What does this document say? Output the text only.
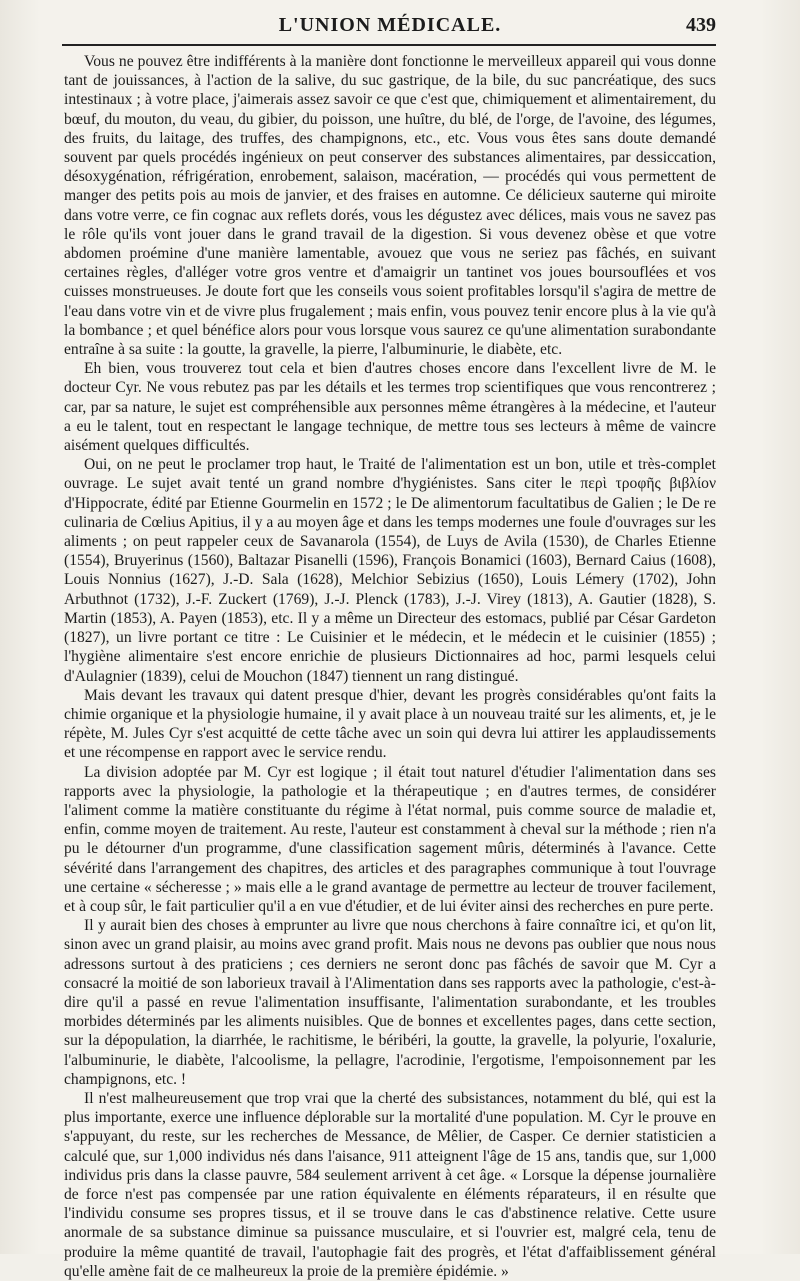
L'UNION MÉDICALE.	439

Vous ne pouvez être indifférents à la manière dont fonctionne le merveilleux appareil qui vous donne tant de jouissances, à l'action de la salive, du suc gastrique, de la bile, du suc pancréatique, des sucs intestinaux ; à votre place, j'aimerais assez savoir ce que c'est que, chimiquement et alimentairement, du bœuf, du mouton, du veau, du gibier, du poisson, une huître, du blé, de l'orge, de l'avoine, des légumes, des fruits, du laitage, des truffes, des champignons, etc., etc. Vous vous êtes sans doute demandé souvent par quels procédés ingénieux on peut conserver des substances alimentaires, par dessiccation, désoxygénation, réfrigération, enrobement, salaison, macération, — procédés qui vous permettent de manger des petits pois au mois de janvier, et des fraises en automne. Ce délicieux sauterne qui miroite dans votre verre, ce fin cognac aux reflets dorés, vous les dégustez avec délices, mais vous ne savez pas le rôle qu'ils vont jouer dans le grand travail de la digestion. Si vous devenez obèse et que votre abdomen proémine d'une manière lamentable, avouez que vous ne seriez pas fâchés, en suivant certaines règles, d'alléger votre gros ventre et d'amaigrir un tantinet vos joues boursouflées et vos cuisses monstrueuses. Je doute fort que les conseils vous soient profitables lorsqu'il s'agira de mettre de l'eau dans votre vin et de vivre plus frugalement ; mais enfin, vous pouvez tenir encore plus à la vie qu'à la bombance ; et quel bénéfice alors pour vous lorsque vous saurez ce qu'une alimentation surabondante entraîne à sa suite : la goutte, la gravelle, la pierre, l'albuminurie, le diabète, etc.

Eh bien, vous trouverez tout cela et bien d'autres choses encore dans l'excellent livre de M. le docteur Cyr. Ne vous rebutez pas par les détails et les termes trop scientifiques que vous rencontrerez ; car, par sa nature, le sujet est compréhensible aux personnes même étrangères à la médecine, et l'auteur a eu le talent, tout en respectant le langage technique, de mettre tous ses lecteurs à même de vaincre aisément quelques difficultés.

Oui, on ne peut le proclamer trop haut, le Traité de l'alimentation est un bon, utile et très-complet ouvrage. Le sujet avait tenté un grand nombre d'hygiénistes. Sans citer le περὶ τροφῆς βιβλίον d'Hippocrate, édité par Etienne Gourmelin en 1572 ; le De alimentorum facultatibus de Galien ; le De re culinaria de Cœlius Apitius, il y a au moyen âge et dans les temps modernes une foule d'ouvrages sur les aliments ; on peut rappeler ceux de Savanarola (1554), de Luys de Avila (1530), de Charles Etienne (1554), Bruyerinus (1560), Baltazar Pisanelli (1596), François Bonamici (1603), Bernard Caius (1608), Louis Nonnius (1627), J.-D. Sala (1628), Melchior Sebizius (1650), Louis Lémery (1702), John Arbuthnot (1732), J.-F. Zuckert (1769), J.-J. Plenck (1783), J.-J. Virey (1813), A. Gautier (1828), S. Martin (1853), A. Payen (1853), etc. Il y a même un Directeur des estomacs, publié par César Gardeton (1827), un livre portant ce titre : Le Cuisinier et le médecin, et le médecin et le cuisinier (1855) ; l'hygiène alimentaire s'est encore enrichie de plusieurs Dictionnaires ad hoc, parmi lesquels celui d'Aulagnier (1839), celui de Mouchon (1847) tiennent un rang distingué.

Mais devant les travaux qui datent presque d'hier, devant les progrès considérables qu'ont faits la chimie organique et la physiologie humaine, il y avait place à un nouveau traité sur les aliments, et, je le répète, M. Jules Cyr s'est acquitté de cette tâche avec un soin qui devra lui attirer les applaudissements et une récompense en rapport avec le service rendu.

La division adoptée par M. Cyr est logique ; il était tout naturel d'étudier l'alimentation dans ses rapports avec la physiologie, la pathologie et la thérapeutique ; en d'autres termes, de considérer l'aliment comme la matière constituante du régime à l'état normal, puis comme source de maladie et, enfin, comme moyen de traitement. Au reste, l'auteur est constamment à cheval sur la méthode ; rien n'a pu le détourner d'un programme, d'une classification sagement mûris, déterminés à l'avance. Cette sévérité dans l'arrangement des chapitres, des articles et des paragraphes communique à tout l'ouvrage une certaine « sécheresse ; » mais elle a le grand avantage de permettre au lecteur de trouver facilement, et à coup sûr, le fait particulier qu'il a en vue d'étudier, et de lui éviter ainsi des recherches en pure perte.

Il y aurait bien des choses à emprunter au livre que nous cherchons à faire connaître ici, et qu'on lit, sinon avec un grand plaisir, au moins avec grand profit. Mais nous ne devons pas oublier que nous nous adressons surtout à des praticiens ; ces derniers ne seront donc pas fâchés de savoir que M. Cyr a consacré la moitié de son laborieux travail à l'Alimentation dans ses rapports avec la pathologie, c'est-à-dire qu'il a passé en revue l'alimentation insuffisante, l'alimentation surabondante, et les troubles morbides déterminés par les aliments nuisibles. Que de bonnes et excellentes pages, dans cette section, sur la dépopulation, la diarrhée, le rachitisme, le béribéri, la goutte, la gravelle, la polyurie, l'oxalurie, l'albuminurie, le diabète, l'alcoolisme, la pellagre, l'acrodinie, l'ergotisme, l'empoisonnement par les champignons, etc. !

Il n'est malheureusement que trop vrai que la cherté des subsistances, notamment du blé, qui est la plus importante, exerce une influence déplorable sur la mortalité d'une population. M. Cyr le prouve en s'appuyant, du reste, sur les recherches de Messance, de Mêlier, de Casper. Ce dernier statisticien a calculé que, sur 1,000 individus nés dans l'aisance, 911 atteignent l'âge de 15 ans, tandis que, sur 1,000 individus pris dans la classe pauvre, 584 seulement arrivent à cet âge. « Lorsque la dépense journalière de force n'est pas compensée par une ration équivalente en éléments réparateurs, il en résulte que l'individu consume ses propres tissus, et il se trouve dans le cas d'abstinence relative. Cette usure anormale de sa substance diminue sa puissance musculaire, et si l'ouvrier est, malgré cela, tenu de produire la même quantité de travail, l'autophagie fait des progrès, et l'état d'affaiblissement général qu'elle amène fait de ce malheureux la proie de la première épidémie. »
